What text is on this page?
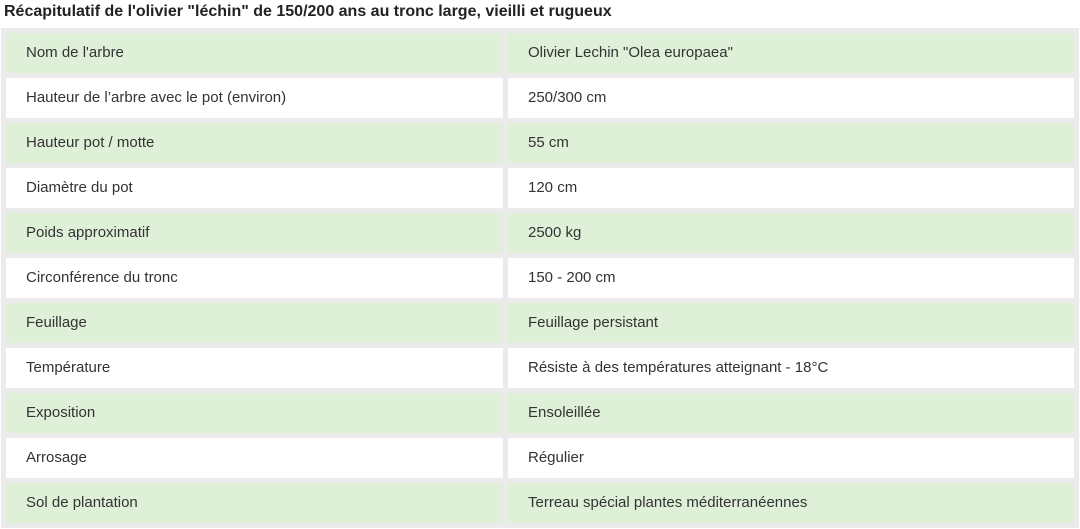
Récapitulatif de l'olivier "léchin" de 150/200 ans au tronc large, vieilli et rugueux
Nom de l'arbre	Olivier Lechin "Olea europaea"
Hauteur de l’arbre avec le pot (environ)	250/300 cm
Hauteur pot / motte	55 cm
Diamètre du pot	120 cm
Poids approximatif	2500 kg
Circonférence du tronc	150 - 200 cm
Feuillage	Feuillage persistant
Température	Résiste à des températures atteignant - 18°C
Exposition	Ensoleillée
Arrosage	Régulier
Sol de plantation	Terreau spécial plantes méditerranéennes
